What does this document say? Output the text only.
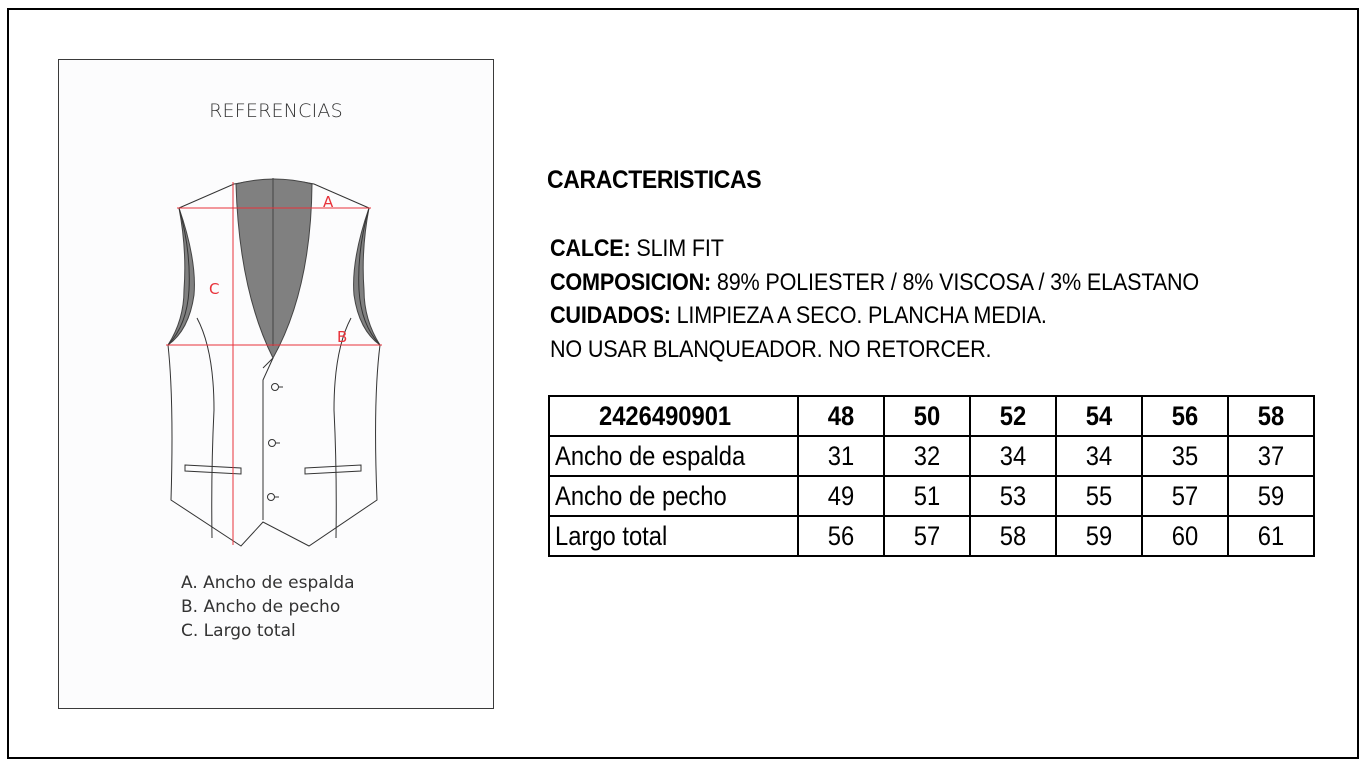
REFERENCIAS
A
C
B
A. Ancho de espalda
B. Ancho de pecho
C. Largo total
CARACTERISTICAS
CALCE: SLIM FIT
COMPOSICION: 89% POLIESTER / 8% VISCOSA / 3% ELASTANO
CUIDADOS: LIMPIEZA A SECO. PLANCHA MEDIA.
NO USAR BLANQUEADOR. NO RETORCER.
2426490901	48	50	52	54	56	58
Ancho de espalda	31	32	34	34	35	37
Ancho de pecho	49	51	53	55	57	59
Largo total	56	57	58	59	60	61
